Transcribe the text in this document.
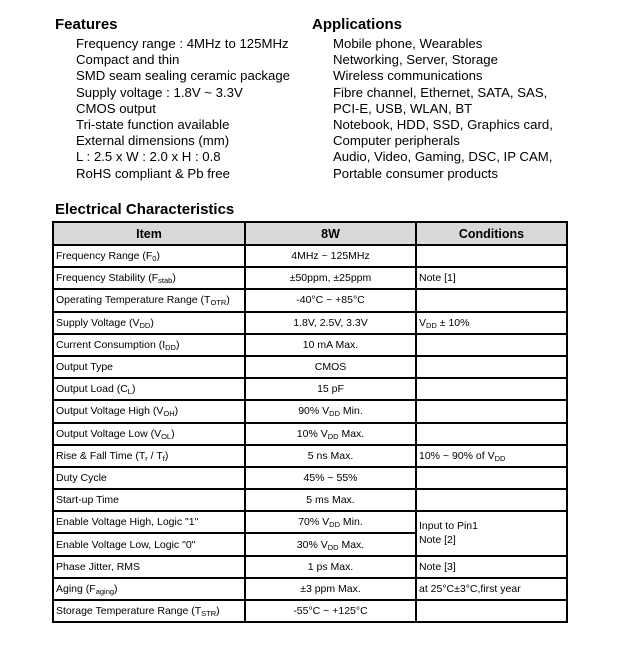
Features
Frequency range : 4MHz to 125MHz
Compact and thin
SMD seam sealing ceramic package
Supply voltage : 1.8V ~ 3.3V
CMOS output
Tri-state function available
External dimensions (mm)
L : 2.5 x W : 2.0 x H : 0.8
RoHS compliant & Pb free
Applications
Mobile phone, Wearables
Networking, Server, Storage
Wireless communications
Fibre channel, Ethernet, SATA, SAS,
PCI-E, USB, WLAN, BT
Notebook, HDD, SSD, Graphics card,
Computer peripherals
Audio, Video, Gaming, DSC, IP CAM,
Portable consumer products
Electrical Characteristics
Item	8W	Conditions
Frequency Range $(F_0)$	4MHz ~ 125MHz	
Frequency Stability $(F_{stab})$	±50ppm, ±25ppm	Note [1]
Operating Temperature Range $(T_{OTR})$	-40°C ~ +85°C	
Supply Voltage $(V_{DD})$	1.8V, 2.5V, 3.3V	$V_{DD} \pm 10\%$
Current Consumption $(I_{DD})$	10 mA Max.	
Output Type	CMOS	
Output Load $(C_L)$	15 pF	
Output Voltage High $(V_{OH})$	90% $V_{DD}$ Min.	
Output Voltage Low $(V_{OL})$	10% $V_{DD}$ Max.	
Rise & Fall Time $(T_r / T_f)$	5 ns Max.	10% ~ 90% of $V_{DD}$
Duty Cycle	45% ~ 55%	
Start-up Time	5 ms Max.	
Enable Voltage High, Logic "1"	70% $V_{DD}$ Min.	Input to Pin1
Note [2]

Enable Voltage Low, Logic "0"	30% $V_{DD}$ Max.	
Phase Jitter, RMS	1 ps Max.	Note [3]
Aging $(F_{aging})$	±3 ppm Max.	at 25°C±3°C,first year
Storage Temperature Range $(T_{STR})$	-55°C ~ +125°C	
